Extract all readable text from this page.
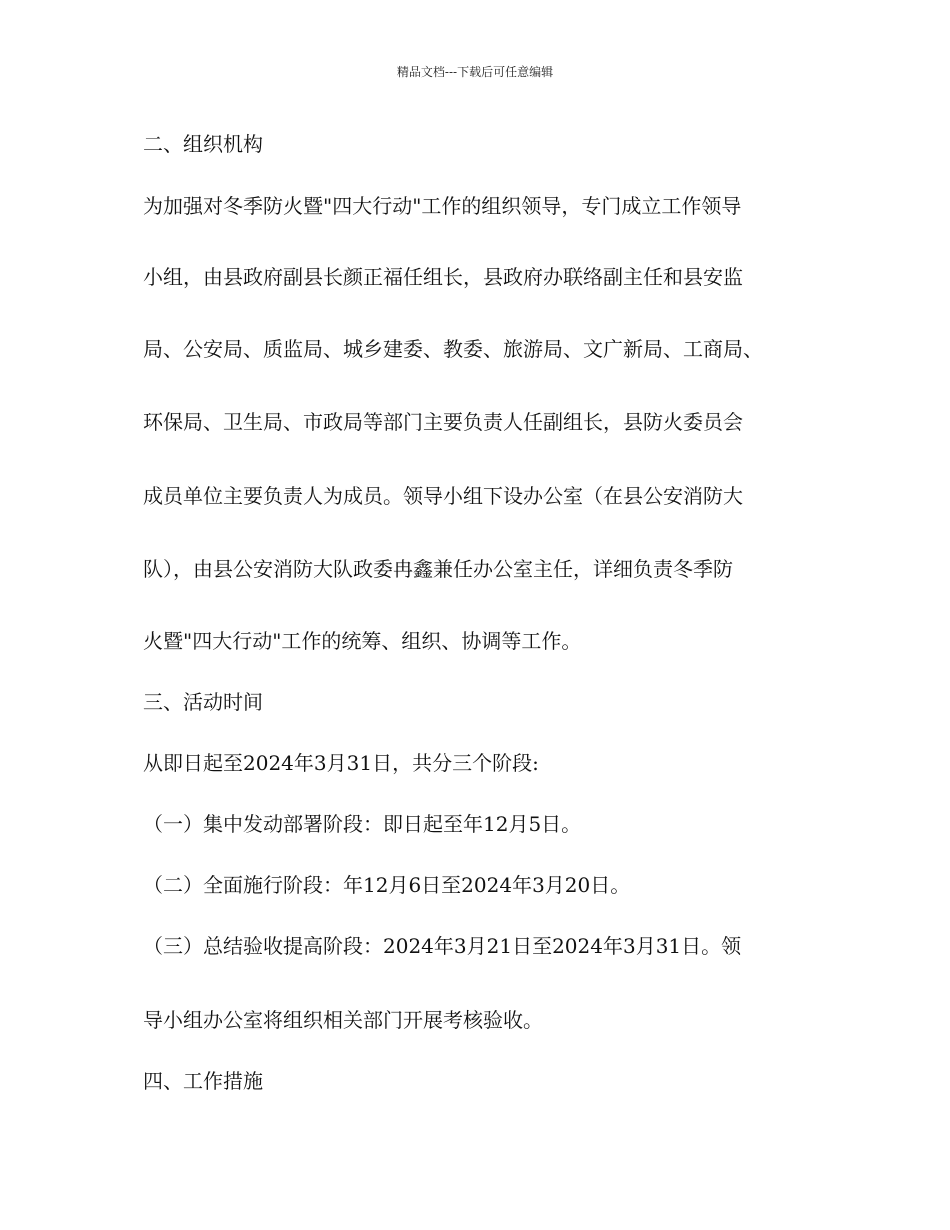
精品文档---下载后可任意编辑
二、组织机构
为加强对冬季防火暨"四大行动"工作的组织领导，专门成立工作领导
小组，由县政府副县长颜正福任组长，县政府办联络副主任和县安监
局、公安局、质监局、城乡建委、教委、旅游局、文广新局、工商局、
环保局、卫生局、市政局等部门主要负责人任副组长，县防火委员会
成员单位主要负责人为成员。领导小组下设办公室（在县公安消防大
队），由县公安消防大队政委冉鑫兼任办公室主任，详细负责冬季防
火暨"四大行动"工作的统筹、组织、协调等工作。
三、活动时间
从即日起至2024年3月31日，共分三个阶段:
（一）集中发动部署阶段：即日起至年12月5日。
（二）全面施行阶段：年12月6日至2024年3月20日。
（三）总结验收提高阶段：2024年3月21日至2024年3月31日。领
导小组办公室将组织相关部门开展考核验收。
四、工作措施
